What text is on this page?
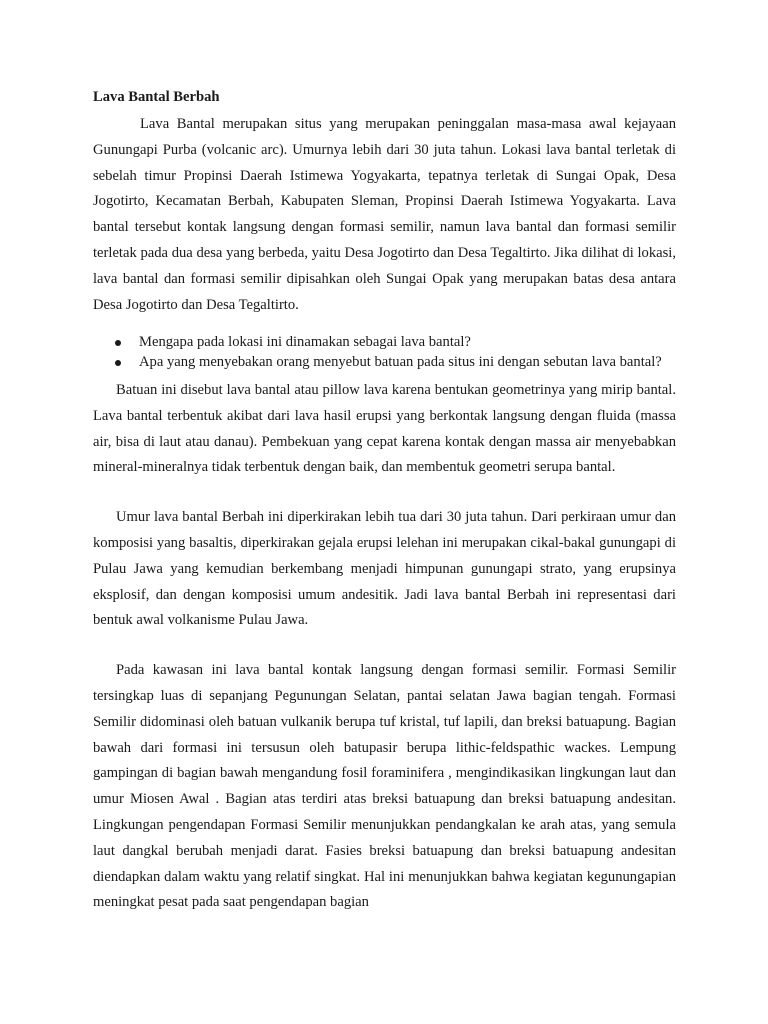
Lava Bantal Berbah

Lava Bantal merupakan situs yang merupakan peninggalan masa-masa awal kejayaan Gunungapi Purba (volcanic arc). Umurnya lebih dari 30 juta tahun. Lokasi lava bantal terletak di sebelah timur Propinsi Daerah Istimewa Yogyakarta, tepatnya terletak di Sungai Opak, Desa Jogotirto, Kecamatan Berbah, Kabupaten Sleman, Propinsi Daerah Istimewa Yogyakarta. Lava bantal tersebut kontak langsung dengan formasi semilir, namun lava bantal dan formasi semilir terletak pada dua desa yang berbeda, yaitu Desa Jogotirto dan Desa Tegaltirto. Jika dilihat di lokasi, lava bantal dan formasi semilir dipisahkan oleh Sungai Opak yang merupakan batas desa antara Desa Jogotirto dan Desa Tegaltirto.

Mengapa pada lokasi ini dinamakan sebagai lava bantal?
Apa yang menyebakan orang menyebut batuan pada situs ini dengan sebutan lava bantal?

Batuan ini disebut lava bantal atau pillow lava karena bentukan geometrinya yang mirip bantal. Lava bantal terbentuk akibat dari lava hasil erupsi yang berkontak langsung dengan fluida (massa air, bisa di laut atau danau). Pembekuan yang cepat karena kontak dengan massa air menyebabkan mineral-mineralnya tidak terbentuk dengan baik, dan membentuk geometri serupa bantal.

Umur lava bantal Berbah ini diperkirakan lebih tua dari 30 juta tahun. Dari perkiraan umur dan komposisi yang basaltis, diperkirakan gejala erupsi lelehan ini merupakan cikal-bakal gunungapi di Pulau Jawa yang kemudian berkembang menjadi himpunan gunungapi strato, yang erupsinya eksplosif, dan dengan komposisi umum andesitik. Jadi lava bantal Berbah ini representasi dari bentuk awal volkanisme Pulau Jawa.

Pada kawasan ini lava bantal kontak langsung dengan formasi semilir. Formasi Semilir tersingkap luas di sepanjang Pegunungan Selatan, pantai selatan Jawa bagian tengah. Formasi Semilir didominasi oleh batuan vulkanik berupa tuf kristal, tuf lapili, dan breksi batuapung. Bagian bawah dari formasi ini tersusun oleh batupasir berupa lithic-feldspathic wackes. Lempung gampingan di bagian bawah mengandung fosil foraminifera , mengindikasikan lingkungan laut dan umur Miosen Awal . Bagian atas terdiri atas breksi batuapung dan breksi batuapung andesitan. Lingkungan pengendapan Formasi Semilir menunjukkan pendangkalan ke arah atas, yang semula laut dangkal berubah menjadi darat. Fasies breksi batuapung dan breksi batuapung andesitan diendapkan dalam waktu yang relatif singkat. Hal ini menunjukkan bahwa kegiatan kegunungapian meningkat pesat pada saat pengendapan bagian
